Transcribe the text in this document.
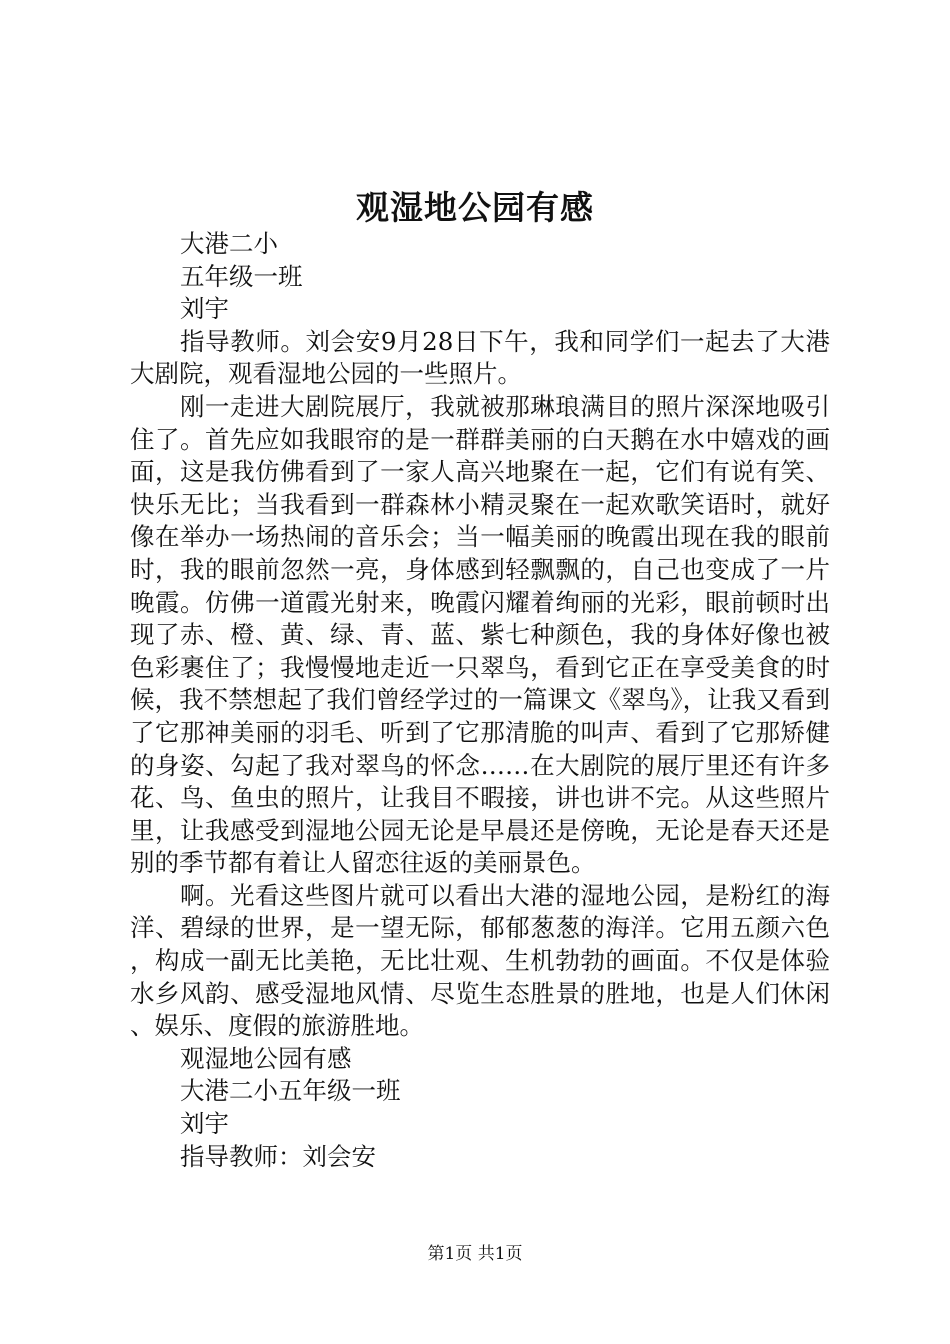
观湿地公园有感
大港二小
五年级一班
刘宇
指导教师。刘会安9月28日下午，我和同学们一起去了大港大剧院，观看湿地公园的一些照片。
刚一走进大剧院展厅，我就被那琳琅满目的照片深深地吸引住了。首先应如我眼帘的是一群群美丽的白天鹅在水中嬉戏的画面，这是我仿佛看到了一家人高兴地聚在一起，它们有说有笑、快乐无比；当我看到一群森林小精灵聚在一起欢歌笑语时，就好像在举办一场热闹的音乐会；当一幅美丽的晚霞出现在我的眼前时，我的眼前忽然一亮，身体感到轻飘飘的，自己也变成了一片晚霞。仿佛一道霞光射来，晚霞闪耀着绚丽的光彩，眼前顿时出现了赤、橙、黄、绿、青、蓝、紫七种颜色，我的身体好像也被色彩裹住了；我慢慢地走近一只翠鸟，看到它正在享受美食的时候，我不禁想起了我们曾经学过的一篇课文《翠鸟》，让我又看到了它那神美丽的羽毛、听到了它那清脆的叫声、看到了它那矫健的身姿、勾起了我对翠鸟的怀念……在大剧院的展厅里还有许多花、鸟、鱼虫的照片，让我目不暇接，讲也讲不完。从这些照片里，让我感受到湿地公园无论是早晨还是傍晚，无论是春天还是别的季节都有着让人留恋往返的美丽景色。
啊。光看这些图片就可以看出大港的湿地公园，是粉红的海洋、碧绿的世界，是一望无际，郁郁葱葱的海洋。它用五颜六色，构成一副无比美艳，无比壮观、生机勃勃的画面。不仅是体验水乡风韵、感受湿地风情、尽览生态胜景的胜地，也是人们休闲、娱乐、度假的旅游胜地。
观湿地公园有感
大港二小五年级一班
刘宇
指导教师：刘会安
第1页 共1页
